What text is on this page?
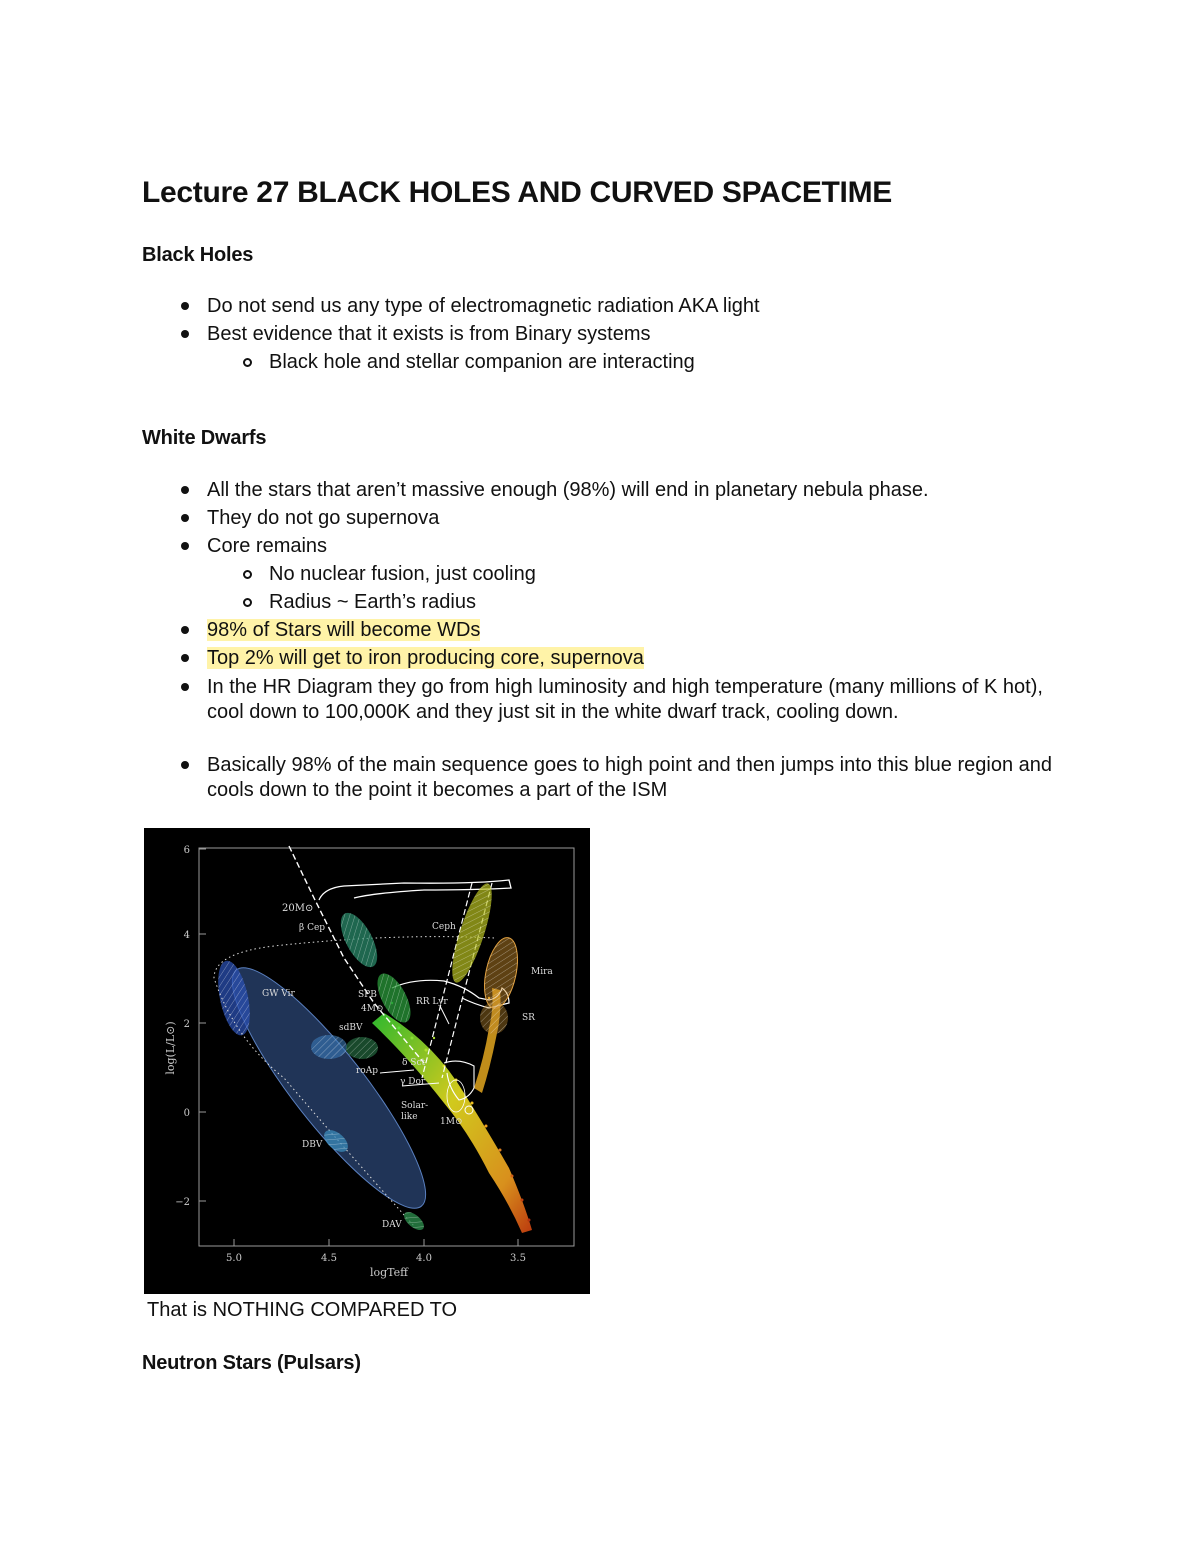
Lecture 27 BLACK HOLES AND CURVED SPACETIME
Black Holes
Do not send us any type of electromagnetic radiation AKA light
Best evidence that it exists is from Binary systems
Black hole and stellar companion are interacting
White Dwarfs
All the stars that aren’t massive enough (98%) will end in planetary nebula phase.
They do not go supernova
Core remains
No nuclear fusion, just cooling
Radius ~ Earth’s radius
98% of Stars will become WDs
Top 2% will get to iron producing core, supernova
In the HR Diagram they go from high luminosity and high temperature (many millions of K hot), cool down to 100,000K and they just sit in the white dwarf track, cooling down.
Basically 98% of the main sequence goes to high point and then jumps into this blue region and cools down to the point it becomes a part of the ISM
6
4
2
0
−2
5.0	4.5	4.0	3.5
logTeff
log(L/L⊙)
20M⊙
β Cep	Ceph
Mira
GW Vir	SPB
4M⊙
RR Lyr
SR
sdBV
δ Sct
roAp
γ Dor
Solar-
like 1M⊙
DBV
DAV
That is NOTHING COMPARED TO
Neutron Stars (Pulsars)
